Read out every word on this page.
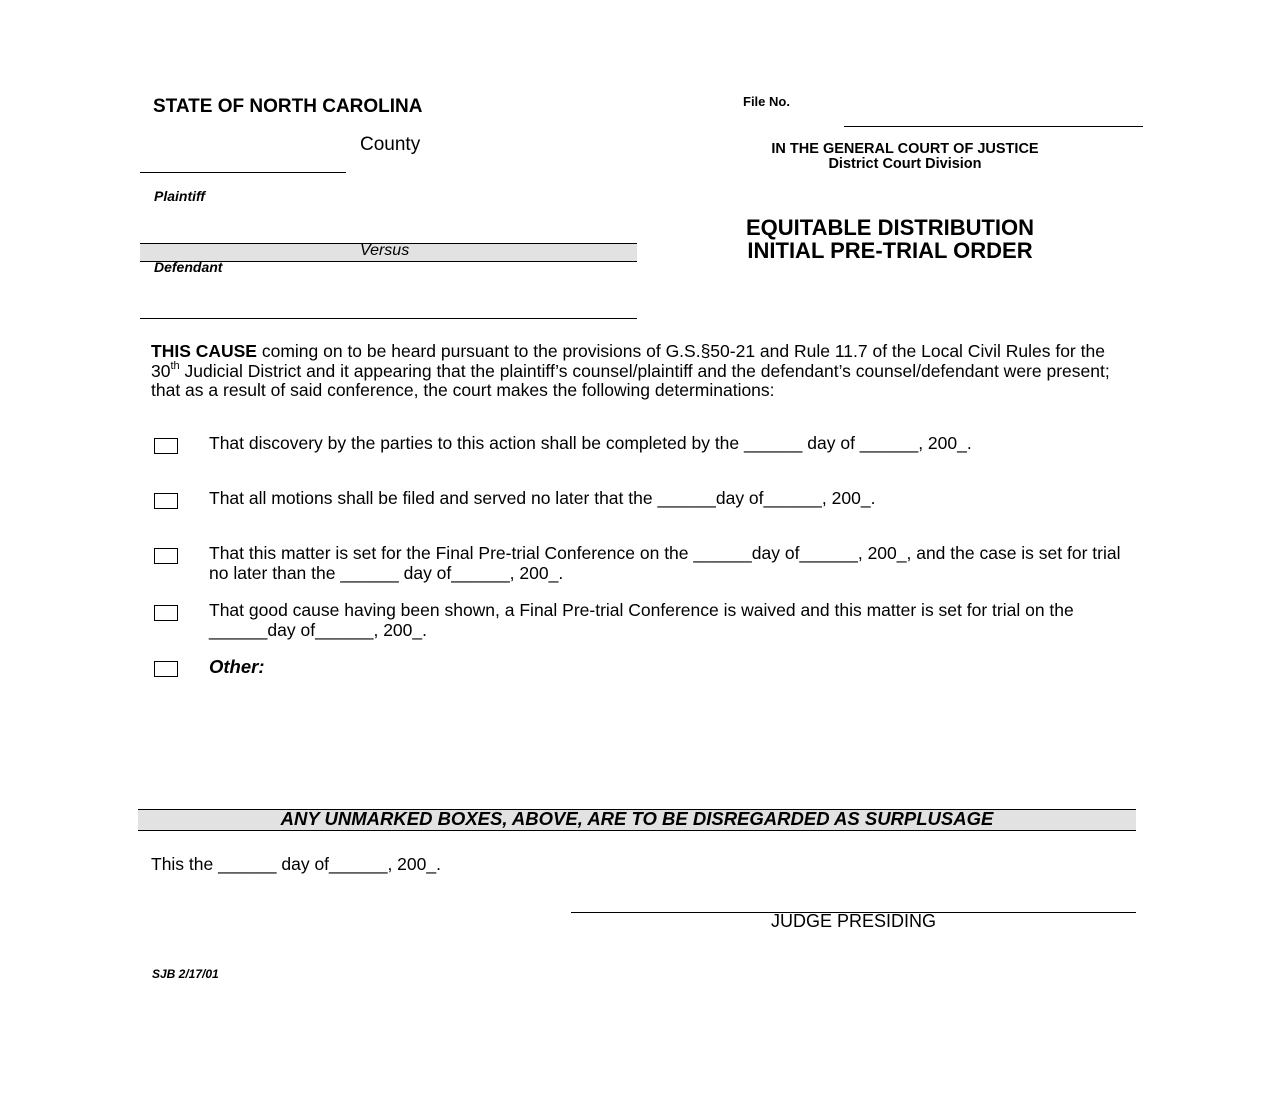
STATE OF NORTH CAROLINA
County
Plaintiff
Versus
Defendant
File No.
IN THE GENERAL COURT OF JUSTICE
District Court Division
EQUITABLE DISTRIBUTION
INITIAL PRE-TRIAL ORDER
THIS CAUSE coming on to be heard pursuant to the provisions of G.S.§50-21 and Rule 11.7 of the Local Civil Rules for the 30th Judicial District and it appearing that the plaintiff’s counsel/plaintiff and the defendant’s counsel/defendant were present; that as a result of said conference, the court makes the following determinations:
That discovery by the parties to this action shall be completed by the ______ day of ______, 200_.
That all motions shall be filed and served no later that the ______day of______, 200_.
That this matter is set for the Final Pre-trial Conference on the ______day of______, 200_, and the case is set for trial no later than the ______ day of______, 200_.
That good cause having been shown, a Final Pre-trial Conference is waived and this matter is set for trial on the ______day of______, 200_.
Other:
ANY UNMARKED BOXES, ABOVE, ARE TO BE DISREGARDED AS SURPLUSAGE
This the ______ day of______, 200_.
JUDGE PRESIDING
SJB 2/17/01
